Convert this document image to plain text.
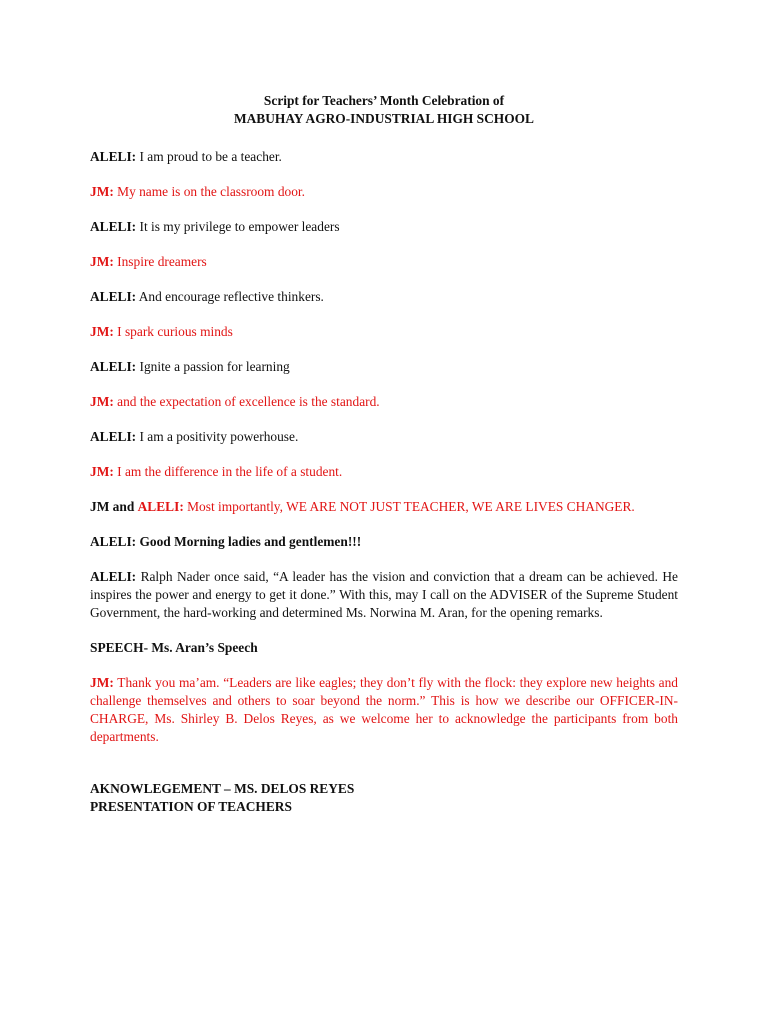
Script for Teachers’ Month Celebration of
MABUHAY AGRO-INDUSTRIAL HIGH SCHOOL
ALELI: I am proud to be a teacher.
JM: My name is on the classroom door.
ALELI: It is my privilege to empower leaders
JM: Inspire dreamers
ALELI: And encourage reflective thinkers.
JM: I spark curious minds
ALELI: Ignite a passion for learning
JM: and the expectation of excellence is the standard.
ALELI: I am a positivity powerhouse.
JM: I am the difference in the life of a student.
JM and ALELI: Most importantly, WE ARE NOT JUST TEACHER, WE ARE LIVES CHANGER.
ALELI: Good Morning ladies and gentlemen!!!
ALELI: Ralph Nader once said, “A leader has the vision and conviction that a dream can be achieved. He inspires the power and energy to get it done.” With this, may I call on the ADVISER of the Supreme Student Government, the hard-working and determined Ms. Norwina M. Aran, for the opening remarks.
SPEECH- Ms. Aran’s Speech
JM: Thank you ma’am. “Leaders are like eagles; they don’t fly with the flock: they explore new heights and challenge themselves and others to soar beyond the norm.” This is how we describe our OFFICER-IN-CHARGE, Ms. Shirley B. Delos Reyes, as we welcome her to acknowledge the participants from both departments.
AKNOWLEGEMENT – MS. DELOS REYES
PRESENTATION OF TEACHERS
